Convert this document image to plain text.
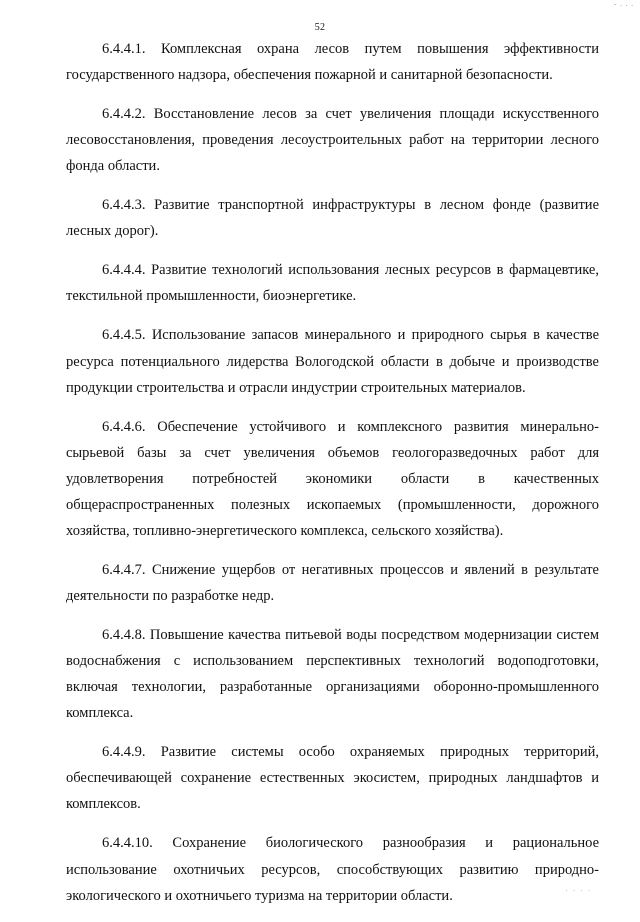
- . . .
52

6.4.4.1. Комплексная охрана лесов путем повышения эффективности государственного надзора, обеспечения пожарной и санитарной безопасности.

6.4.4.2. Восстановление лесов за счет увеличения площади искусственного лесовосстановления, проведения лесоустроительных работ на территории лесного фонда области.

6.4.4.3. Развитие транспортной инфраструктуры в лесном фонде (развитие лесных дорог).

6.4.4.4. Развитие технологий использования лесных ресурсов в фармацевтике, текстильной промышленности, биоэнергетике.

6.4.4.5. Использование запасов минерального и природного сырья в качестве ресурса потенциального лидерства Вологодской области в добыче и производстве продукции строительства и отрасли индустрии строительных материалов.

6.4.4.6. Обеспечение устойчивого и комплексного развития минерально-сырьевой базы за счет увеличения объемов геологоразведочных работ для удовлетворения потребностей экономики области в качественных общераспространенных полезных ископаемых (промышленности, дорожного хозяйства, топливно-энергетического комплекса, сельского хозяйства).

6.4.4.7. Снижение ущербов от негативных процессов и явлений в результате деятельности по разработке недр.

6.4.4.8. Повышение качества питьевой воды посредством модернизации систем водоснабжения с использованием перспективных технологий водоподготовки, включая технологии, разработанные организациями оборонно-промышленного комплекса.

6.4.4.9. Развитие системы особо охраняемых природных территорий, обеспечивающей сохранение естественных экосистем, природных ландшафтов и комплексов.

6.4.4.10. Сохранение биологического разнообразия и рациональное использование охотничьих ресурсов, способствующих развитию природно-экологического и охотничьего туризма на территории области.	. . . .
